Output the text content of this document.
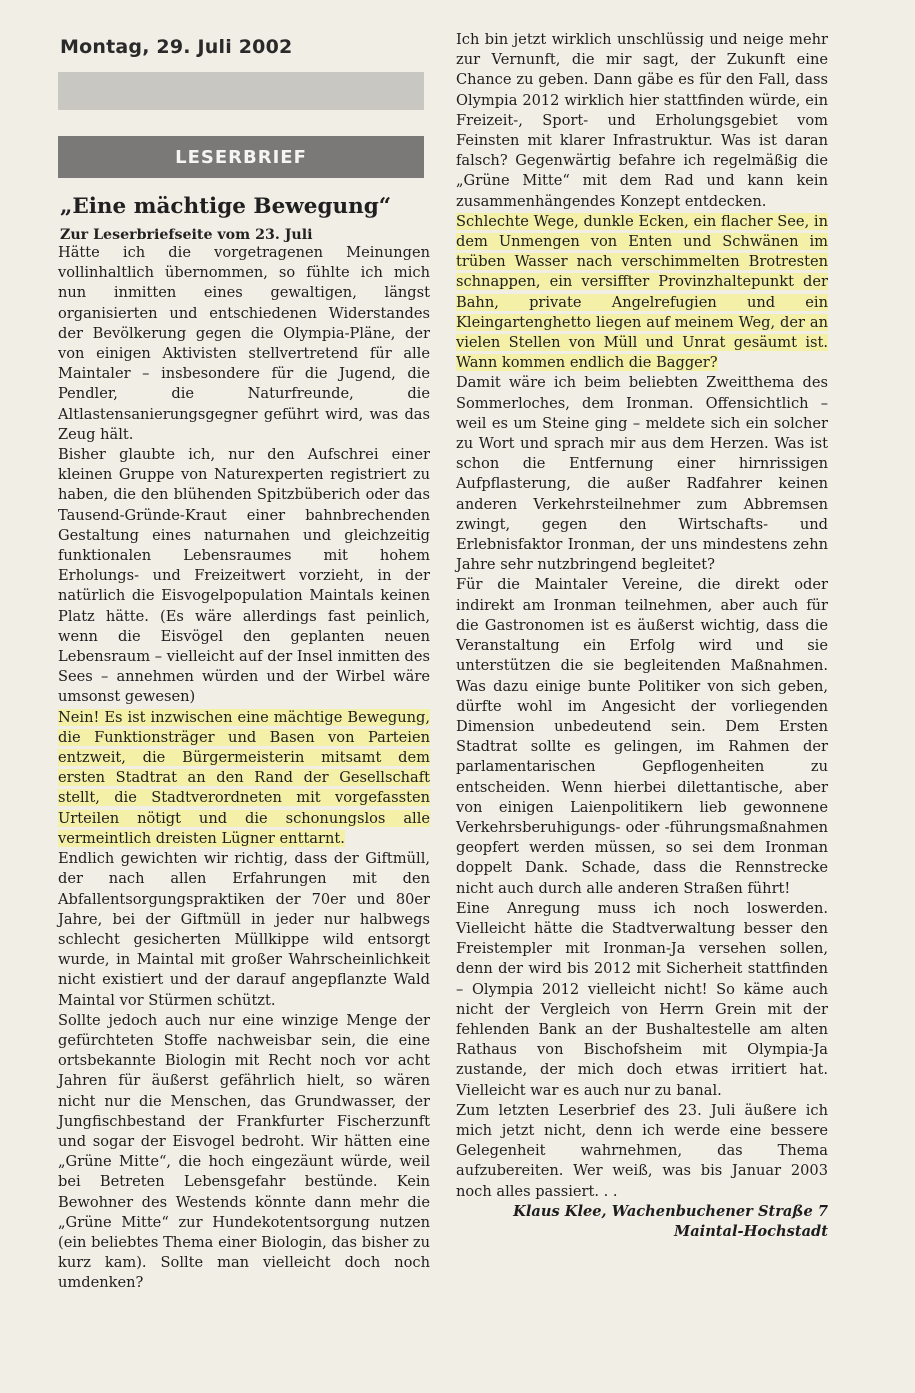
Montag, 29. Juli 2002
LESERBRIEF
„Eine mächtige Bewegung“
Zur Leserbriefseite vom 23. Juli

Hätte ich die vorgetragenen Meinungen vollinhaltlich übernommen, so fühlte ich mich nun inmitten eines gewaltigen, längst organisierten und entschiedenen Widerstandes der Bevölkerung gegen die Olympia-Pläne, der von einigen Aktivisten stellvertretend für alle Maintaler – insbesondere für die Jugend, die Pendler, die Naturfreunde, die Altlastensanierungsgegner geführt wird, was das Zeug hält.

Bisher glaubte ich, nur den Aufschrei einer kleinen Gruppe von Naturexperten registriert zu haben, die den blühenden Spitzbüberich oder das Tausend-Gründe-Kraut einer bahnbrechenden Gestaltung eines naturnahen und gleichzeitig funktionalen Lebensraumes mit hohem Erholungs- und Freizeitwert vorzieht, in der natürlich die Eisvogelpopulation Maintals keinen Platz hätte. (Es wäre allerdings fast peinlich, wenn die Eisvögel den geplanten neuen Lebensraum – vielleicht auf der Insel inmitten des Sees – annehmen würden und der Wirbel wäre umsonst gewesen)

Nein! Es ist inzwischen eine mächtige Bewegung, die Funktionsträger und Basen von Parteien entzweit, die Bürgermeisterin mitsamt dem ersten Stadtrat an den Rand der Gesellschaft stellt, die Stadtverordneten mit vorgefassten Urteilen nötigt und die schonungslos alle vermeintlich dreisten Lügner enttarnt.

Endlich gewichten wir richtig, dass der Giftmüll, der nach allen Erfahrungen mit den Abfallentsorgungspraktiken der 70er und 80er Jahre, bei der Giftmüll in jeder nur halbwegs schlecht gesicherten Müllkippe wild entsorgt wurde, in Maintal mit großer Wahrscheinlichkeit nicht existiert und der darauf angepflanzte Wald Maintal vor Stürmen schützt.

Sollte jedoch auch nur eine winzige Menge der gefürchteten Stoffe nachweisbar sein, die eine ortsbekannte Biologin mit Recht noch vor acht Jahren für äußerst gefährlich hielt, so wären nicht nur die Menschen, das Grundwasser, der Jungfischbestand der Frankfurter Fischerzunft und sogar der Eisvogel bedroht. Wir hätten eine „Grüne Mitte“, die hoch eingezäunt würde, weil bei Betreten Lebensgefahr bestünde. Kein Bewohner des Westends könnte dann mehr die „Grüne Mitte“ zur Hundekotentsorgung nutzen (ein beliebtes Thema einer Biologin, das bisher zu kurz kam). Sollte man vielleicht doch noch umdenken?

Ich bin jetzt wirklich unschlüssig und neige mehr zur Vernunft, die mir sagt, der Zukunft eine Chance zu geben. Dann gäbe es für den Fall, dass Olympia 2012 wirklich hier stattfinden würde, ein Freizeit-, Sport- und Erholungsgebiet vom Feinsten mit klarer Infrastruktur. Was ist daran falsch? Gegenwärtig befahre ich regelmäßig die „Grüne Mitte“ mit dem Rad und kann kein zusammenhängendes Konzept entdecken.

Schlechte Wege, dunkle Ecken, ein flacher See, in dem Unmengen von Enten und Schwänen im trüben Wasser nach verschimmelten Brotresten schnappen, ein versiffter Provinzhaltepunkt der Bahn, private Angelrefugien und ein Kleingartenghetto liegen auf meinem Weg, der an vielen Stellen von Müll und Unrat gesäumt ist. Wann kommen endlich die Bagger?

Damit wäre ich beim beliebten Zweitthema des Sommerloches, dem Ironman. Offensichtlich – weil es um Steine ging – meldete sich ein solcher zu Wort und sprach mir aus dem Herzen. Was ist schon die Entfernung einer hirnrissigen Aufpflasterung, die außer Radfahrer keinen anderen Verkehrsteilnehmer zum Abbremsen zwingt, gegen den Wirtschafts- und Erlebnisfaktor Ironman, der uns mindestens zehn Jahre sehr nutzbringend begleitet?

Für die Maintaler Vereine, die direkt oder indirekt am Ironman teilnehmen, aber auch für die Gastronomen ist es äußerst wichtig, dass die Veranstaltung ein Erfolg wird und sie unterstützen die sie begleitenden Maßnahmen. Was dazu einige bunte Politiker von sich geben, dürfte wohl im Angesicht der vorliegenden Dimension unbedeutend sein. Dem Ersten Stadtrat sollte es gelingen, im Rahmen der parlamentarischen Gepflogenheiten zu entscheiden. Wenn hierbei dilettantische, aber von einigen Laienpolitikern lieb gewonnene Verkehrsberuhigungs- oder -führungsmaßnahmen geopfert werden müssen, so sei dem Ironman doppelt Dank. Schade, dass die Rennstrecke nicht auch durch alle anderen Straßen führt!

Eine Anregung muss ich noch loswerden. Vielleicht hätte die Stadtverwaltung besser den Freistempler mit Ironman-Ja versehen sollen, denn der wird bis 2012 mit Sicherheit stattfinden – Olympia 2012 vielleicht nicht! So käme auch nicht der Vergleich von Herrn Grein mit der fehlenden Bank an der Bushaltestelle am alten Rathaus von Bischofsheim mit Olympia-Ja zustande, der mich doch etwas irritiert hat. Vielleicht war es auch nur zu banal.

Zum letzten Leserbrief des 23. Juli äußere ich mich jetzt nicht, denn ich werde eine bessere Gelegenheit wahrnehmen, das Thema aufzubereiten. Wer weiß, was bis Januar 2003 noch alles passiert. . .

Klaus Klee, Wachenbuchener Straße 7

Maintal-Hochstadt
